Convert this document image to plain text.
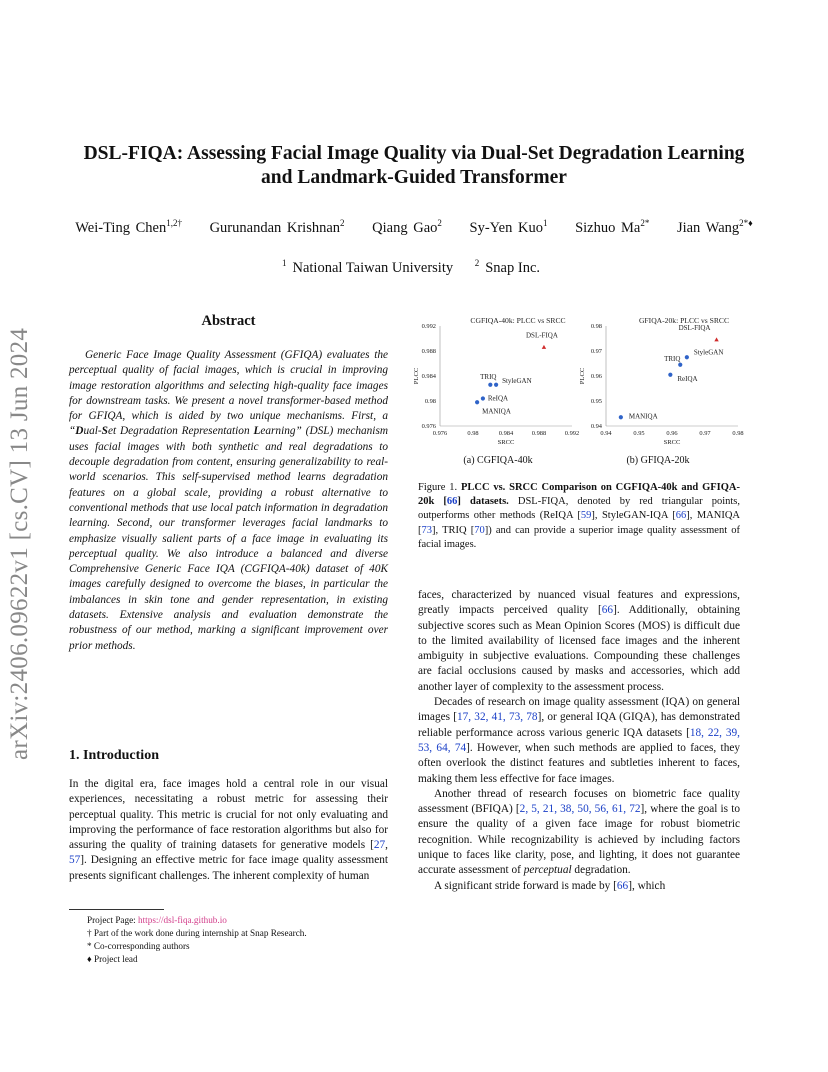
DSL-FIQA: Assessing Facial Image Quality via Dual-Set Degradation Learning
and Landmark-Guided Transformer
Wei-Ting Chen$^{1,2\dagger}$ Gurunandan Krishnan$^2$ Qiang Gao$^2$ Sy-Yen Kuo$^1$ Sizhuo $Ma^{2*}$ Jian Wang$^{2*♦}$
$^1$ National Taiwan University $^2$ Snap Inc.
arXiv:2406.09622v1 [cs.CV] 13 Jun 2024
Abstract
Generic Face Image Quality Assessment (GFIQA) evaluates the perceptual quality of facial images, which is crucial in improving image restoration algorithms and selecting high-quality face images for downstream tasks. We present a novel transformer-based method for GFIQA, which is aided by two unique mechanisms. First, a “Dual-Set Degradation Representation Learning” (DSL) mechanism uses facial images with both synthetic and real degradations to decouple degradation from content, ensuring generalizability to real-world scenarios. This self-supervised method learns degradation features on a global scale, providing a robust alternative to conventional methods that use local patch information in degradation learning. Second, our transformer leverages facial landmarks to emphasize visually salient parts of a face image in evaluating its perceptual quality. We also introduce a balanced and diverse Comprehensive Generic Face IQA (CGFIQA-40k) dataset of 40K images carefully designed to overcome the biases, in particular the imbalances in skin tone and gender representation, in existing datasets. Extensive analysis and evaluation demonstrate the robustness of our method, marking a significant improvement over prior methods.
1. Introduction
In the digital era, face images hold a central role in our visual experiences, necessitating a robust metric for assessing their perceptual quality. This metric is crucial for not only evaluating and improving the performance of face restoration algorithms but also for assuring the quality of training datasets for generative models [27, 57]. Designing an effective metric for face image quality assessment presents significant challenges. The inherent complexity of human
Project Page: https://dsl-fiqa.github.io
† Part of the work done during internship at Snap Research.
* Co-corresponding authors
♦ Project lead
CGFIQA-40k: PLCC vs SRCC
0.976	0.98	0.984	0.988	0.992
0.976
0.98
0.984
0.988
0.992
SRCC
PLCC
DSL-FIQA
StyleGAN
TRIQ
ReIQA
MANIQA
GFIQA-20k: PLCC vs SRCC
0.94	0.95	0.96	0.97	0.98
0.94
0.95
0.96
0.97
0.98
SRCC
PLCC
DSL-FIQA
StyleGAN
TRIQ
ReIQA
MANIQA
(a) CGFIQA-40k	(b) GFIQA-20k
Figure 1. PLCC vs. SRCC Comparison on CGFIQA-40k and GFIQA-20k [66] datasets. DSL-FIQA, denoted by red triangular points, outperforms other methods (ReIQA [59], StyleGAN-IQA [66], MANIQA [73], TRIQ [70]) and can provide a superior image quality assessment of facial images.

faces, characterized by nuanced visual features and expressions, greatly impacts perceived quality [66]. Additionally, obtaining subjective scores such as Mean Opinion Scores (MOS) is difficult due to the limited availability of licensed face images and the inherent ambiguity in subjective evaluations. Compounding these challenges are facial occlusions caused by masks and accessories, which add another layer of complexity to the assessment process.

Decades of research on image quality assessment (IQA) on general images [17, 32, 41, 73, 78], or general IQA (GIQA), has demonstrated reliable performance across various generic IQA datasets [18, 22, 39, 53, 64, 74]. However, when such methods are applied to faces, they often overlook the distinct features and subtleties inherent to faces, making them less effective for face images.

Another thread of research focuses on biometric face quality assessment (BFIQA) [2, 5, 21, 38, 50, 56, 61, 72], where the goal is to ensure the quality of a given face image for robust biometric recognition. While recognizability is achieved by including factors unique to faces like clarity, pose, and lighting, it does not guarantee accurate assessment of perceptual degradation.

A significant stride forward is made by [66], which
